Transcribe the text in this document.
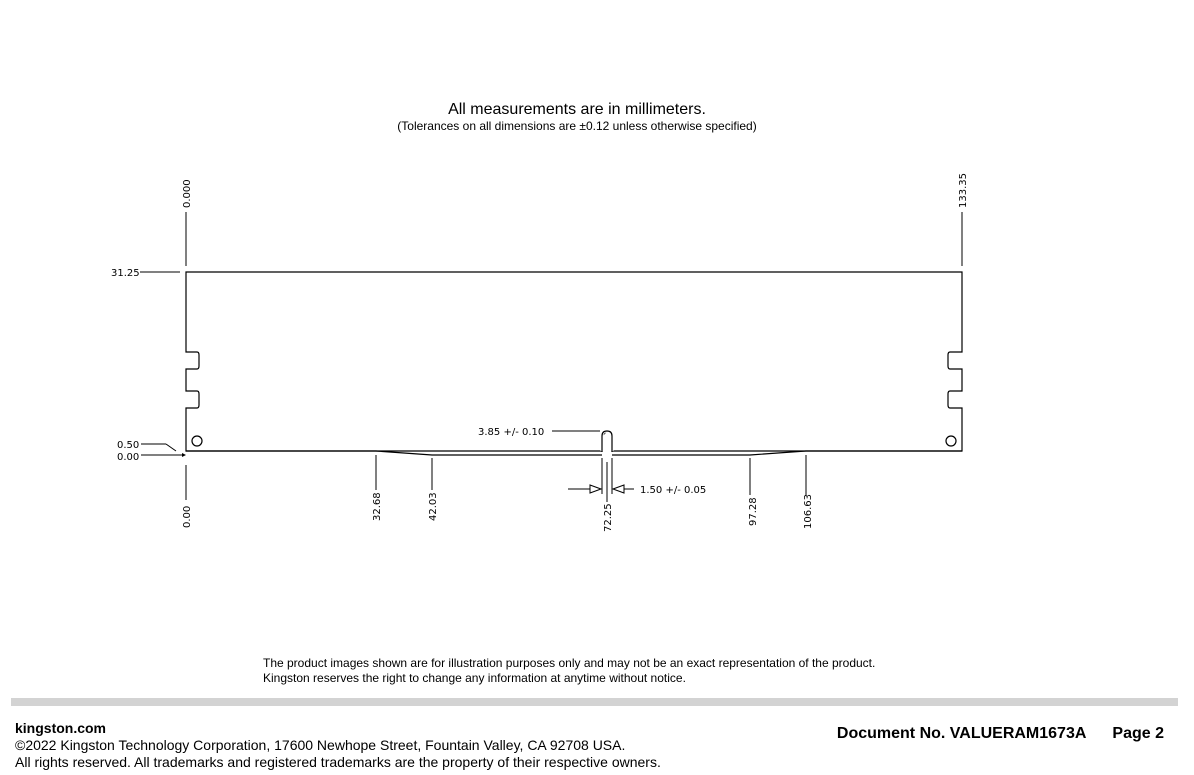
All measurements are in millimeters.
(Tolerances on all dimensions are ±0.12 unless otherwise specified)
0.000	133.35
31.25
0.50
0.00
0.00	32.68	42.03	72.25	97.28	106.63
3.85 +/- 0.10
1.50 +/- 0.05
The product images shown are for illustration purposes only and may not be an exact representation of the product.
Kingston reserves the right to change any information at anytime without notice.
kingston.com
©2022 Kingston Technology Corporation, 17600 Newhope Street, Fountain Valley, CA 92708 USA.
All rights reserved. All trademarks and registered trademarks are the property of their respective owners.
Document No. VALUERAM1673A Page 2
